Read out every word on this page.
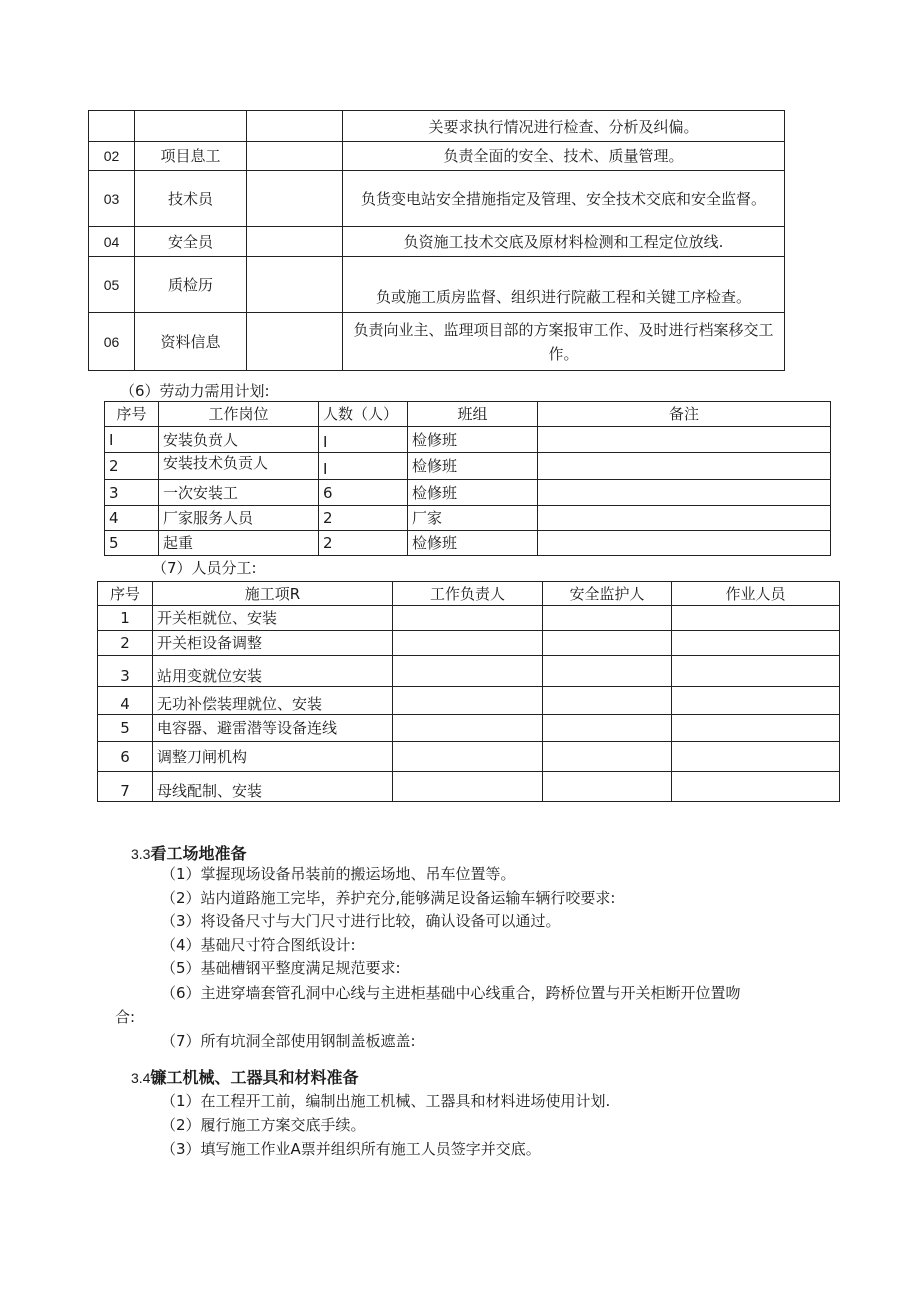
			关要求执行情况进行检查、分析及纠偏。
02	项目息工		负责全面的安全、技术、质量管理。
03	技术员		负货变电站安全措施指定及管理、安全技术交底和安全监督。
04	安全员		负资施工技术交底及原材料检测和工程定位放线.
05	质检历		负或施工质房监督、组织进行院蔽工程和关键工序检查。
06	资料信息		负责向业主、监理项目部的方案报审工作、及时进行档案移交工作。
（6）劳动力需用计划:
序号	工作岗位	人数（人）	班组	备注
I	安装负贲人	I	检修班	
2	安装技术负贡人	I	检修班	
3	一次安装工	6	检修班	
4	厂家服务人员	2	厂家	
5	起重	2	检修班	
（7）人员分工:
序号	施工项R	工作负责人	安全监护人	作业人员
1	开关柜就位、安装			
2	开关柜设备调整			
3	站用变就位安装			
4	无功补偿装理就位、安装			
5	电容器、避雷潜等设备连线			
6	调整刀闸机构			
7	母线配制、安装			
3.3看工场地准备
（1）掌握现场设备吊装前的搬运场地、吊车位置等。
（2）站内道路施工完毕，养护充分,能够满足设备运输车辆行咬要求:
（3）将设备尺寸与大门尺寸进行比较，确认设备可以通过。
（4）基础尺寸符合图纸设计:
（5）基础槽钢平整度满足规范要求:
（6）主进穿墙套管孔洞中心线与主进柜基础中心线重合，跨桥位置与开关柜断开位置吻
合:
（7）所有坑洞全部使用钢制盖板遮盖:
3.4镰工机械、工器具和材料准备
（1）在工程开工前，编制出施工机械、工器具和材料进场使用计划.
（2）履行施工方案交底手续。
（3）填写施工作业A票并组织所有施工人员签字并交底。
